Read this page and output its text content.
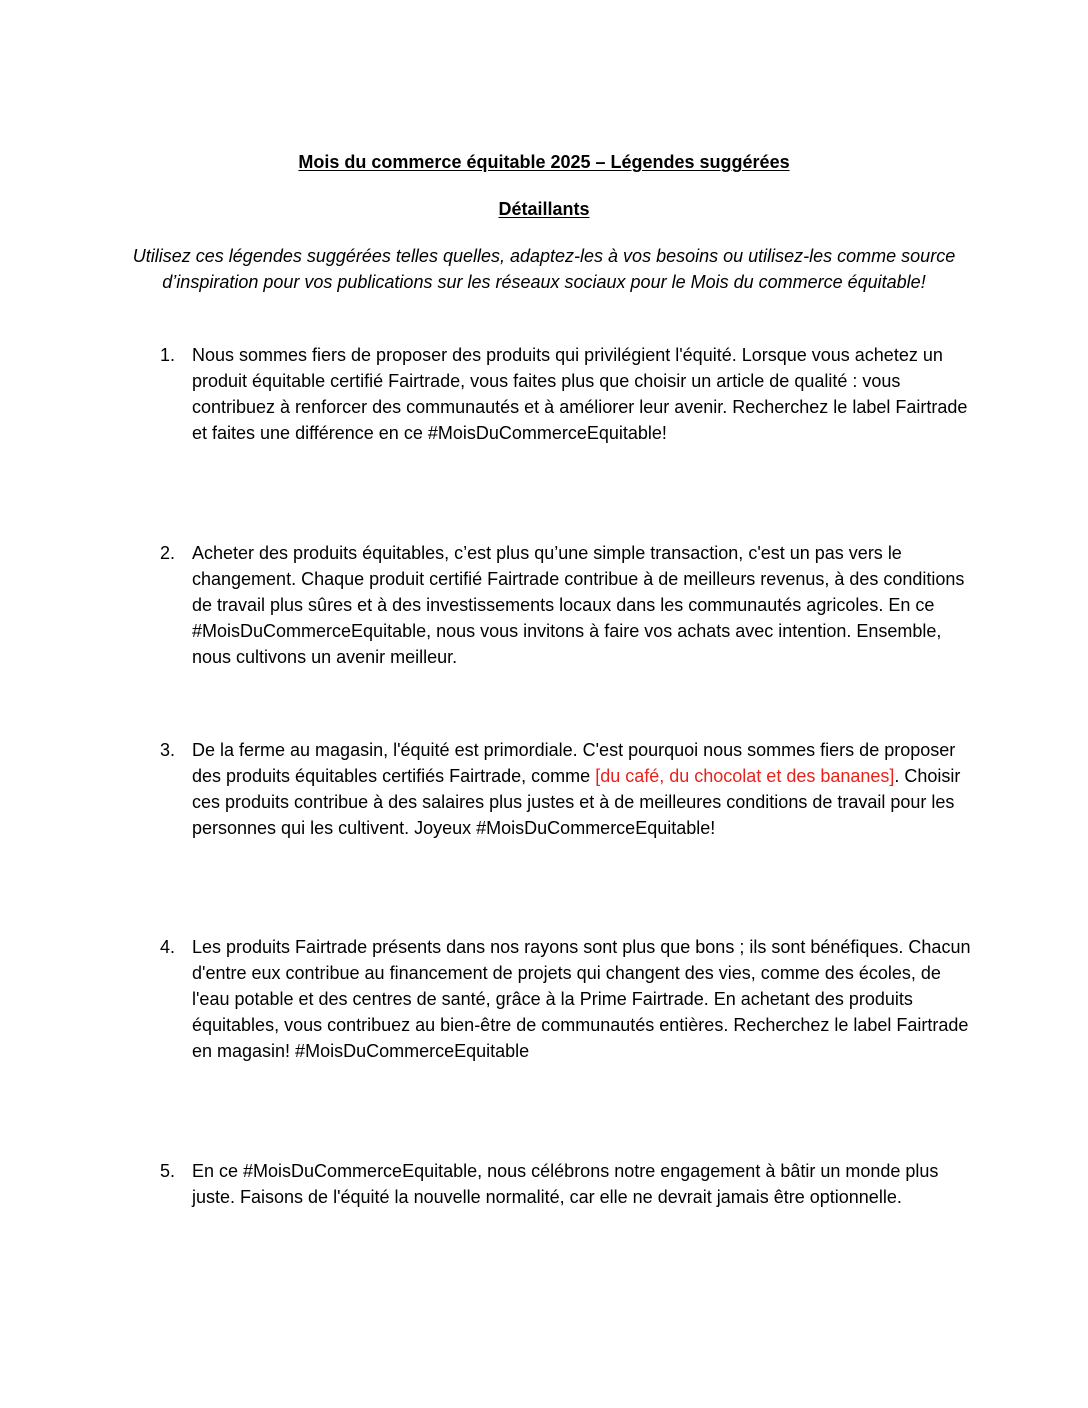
Mois du commerce équitable 2025 – Légendes suggérées
Détaillants
Utilisez ces légendes suggérées telles quelles, adaptez-les à vos besoins ou utilisez-les comme source d’inspiration pour vos publications sur les réseaux sociaux pour le Mois du commerce équitable!
1. Nous sommes fiers de proposer des produits qui privilégient l'équité. Lorsque vous achetez un produit équitable certifié Fairtrade, vous faites plus que choisir un article de qualité : vous contribuez à renforcer des communautés et à améliorer leur avenir. Recherchez le label Fairtrade et faites une différence en ce #MoisDuCommerceEquitable!
2. Acheter des produits équitables, c’est plus qu’une simple transaction, c'est un pas vers le changement. Chaque produit certifié Fairtrade contribue à de meilleurs revenus, à des conditions de travail plus sûres et à des investissements locaux dans les communautés agricoles. En ce #MoisDuCommerceEquitable, nous vous invitons à faire vos achats avec intention. Ensemble, nous cultivons un avenir meilleur.
3. De la ferme au magasin, l'équité est primordiale. C'est pourquoi nous sommes fiers de proposer des produits équitables certifiés Fairtrade, comme [du café, du chocolat et des bananes]. Choisir ces produits contribue à des salaires plus justes et à de meilleures conditions de travail pour les personnes qui les cultivent. Joyeux #MoisDuCommerceEquitable!
4. Les produits Fairtrade présents dans nos rayons sont plus que bons ; ils sont bénéfiques. Chacun d'entre eux contribue au financement de projets qui changent des vies, comme des écoles, de l'eau potable et des centres de santé, grâce à la Prime Fairtrade. En achetant des produits équitables, vous contribuez au bien-être de communautés entières. Recherchez le label Fairtrade en magasin! #MoisDuCommerceEquitable
5. En ce #MoisDuCommerceEquitable, nous célébrons notre engagement à bâtir un monde plus juste. Faisons de l'équité la nouvelle normalité, car elle ne devrait jamais être optionnelle.
